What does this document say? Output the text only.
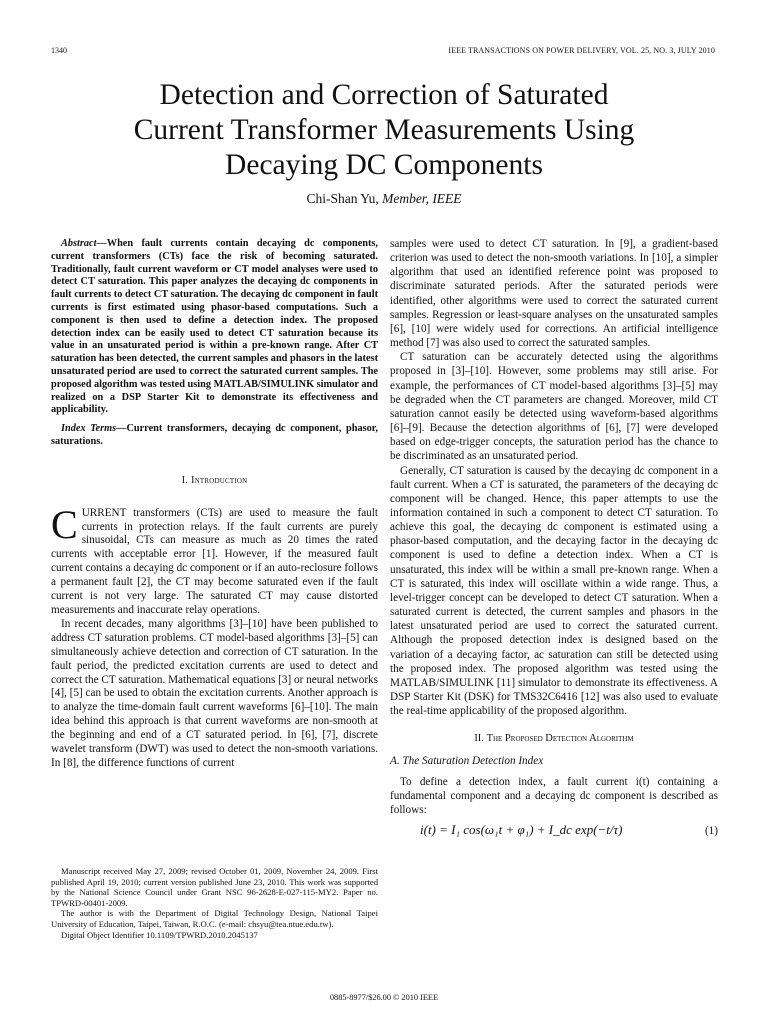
1340	IEEE TRANSACTIONS ON POWER DELIVERY, VOL. 25, NO. 3, JULY 2010
Detection and Correction of Saturated
Current Transformer Measurements Using
Decaying DC Components
Chi-Shan Yu, Member, IEEE

Abstract—When fault currents contain decaying dc components, current transformers (CTs) face the risk of becoming saturated. Traditionally, fault current waveform or CT model analyses were used to detect CT saturation. This paper analyzes the decaying dc components in fault currents to detect CT saturation. The decaying dc component in fault currents is first estimated using phasor-based computations. Such a component is then used to define a detection index. The proposed detection index can be easily used to detect CT saturation because its value in an unsaturated period is within a pre-known range. After CT saturation has been detected, the current samples and phasors in the latest unsaturated period are used to correct the saturated current samples. The proposed algorithm was tested using MATLAB/SIMULINK simulator and realized on a DSP Starter Kit to demonstrate its effectiveness and applicability.

Index Terms—Current transformers, decaying dc component, phasor, saturations.

I. Introduction

CURRENT transformers (CTs) are used to measure the fault currents in protection relays. If the fault currents are purely sinusoidal, CTs can measure as much as 20 times the rated currents with acceptable error [1]. However, if the measured fault current contains a decaying dc component or if an auto-reclosure follows a permanent fault [2], the CT may become saturated even if the fault current is not very large. The saturated CT may cause distorted measurements and inaccurate relay operations.

In recent decades, many algorithms [3]–[10] have been published to address CT saturation problems. CT model-based algorithms [3]–[5] can simultaneously achieve detection and correction of CT saturation. In the fault period, the predicted excitation currents are used to detect and correct the CT saturation. Mathematical equations [3] or neural networks [4], [5] can be used to obtain the excitation currents. Another approach is to analyze the time-domain fault current waveforms [6]–[10]. The main idea behind this approach is that current waveforms are non-smooth at the beginning and end of a CT saturated period. In [6], [7], discrete wavelet transform (DWT) was used to detect the non-smooth variations. In [8], the difference functions of current

samples were used to detect CT saturation. In [9], a gradient-based criterion was used to detect the non-smooth variations. In [10], a simpler algorithm that used an identified reference point was proposed to discriminate saturated periods. After the saturated periods were identified, other algorithms were used to correct the saturated current samples. Regression or least-square analyses on the unsaturated samples [6], [10] were widely used for corrections. An artificial intelligence method [7] was also used to correct the saturated samples.

CT saturation can be accurately detected using the algorithms proposed in [3]–[10]. However, some problems may still arise. For example, the performances of CT model-based algorithms [3]–[5] may be degraded when the CT parameters are changed. Moreover, mild CT saturation cannot easily be detected using waveform-based algorithms [6]–[9]. Because the detection algorithms of [6], [7] were developed based on edge-trigger concepts, the saturation period has the chance to be discriminated as an unsaturated period.

Generally, CT saturation is caused by the decaying dc component in a fault current. When a CT is saturated, the parameters of the decaying dc component will be changed. Hence, this paper attempts to use the information contained in such a component to detect CT saturation. To achieve this goal, the decaying dc component is estimated using a phasor-based computation, and the decaying factor in the decaying dc component is used to define a detection index. When a CT is unsaturated, this index will be within a small pre-known range. When a CT is saturated, this index will oscillate within a wide range. Thus, a level-trigger concept can be developed to detect CT saturation. When a saturated current is detected, the current samples and phasors in the latest unsaturated period are used to correct the saturated current. Although the proposed detection index is designed based on the variation of a decaying factor, ac saturation can still be detected using the proposed index. The proposed algorithm was tested using the MATLAB/SIMULINK [11] simulator to demonstrate its effectiveness. A DSP Starter Kit (DSK) for TMS32C6416 [12] was also used to evaluate the real-time applicability of the proposed algorithm.

II. The Proposed Detection Algorithm
A. The Saturation Detection Index

To define a detection index, a fault current i(t) containing a fundamental component and a decaying dc component is described as follows:

i(t) = I₁ cos(ω₁t + φ₁) + I_dc exp(−t/τ)	(1)

Manuscript received May 27, 2009; revised October 01, 2009, November 24, 2009. First published April 19, 2010; current version published June 23, 2010. This work was supported by the National Science Council under Grant NSC 96-2628-E-027-115-MY2. Paper no. TPWRD-00401-2009.

The author is with the Department of Digital Technology Design, National Taipei University of Education, Taipei, Taiwan, R.O.C. (e-mail: chsyu@tea.ntue.edu.tw).

Digital Object Identifier 10.1109/TPWRD.2010.2045137

0885-8977/$26.00 © 2010 IEEE
